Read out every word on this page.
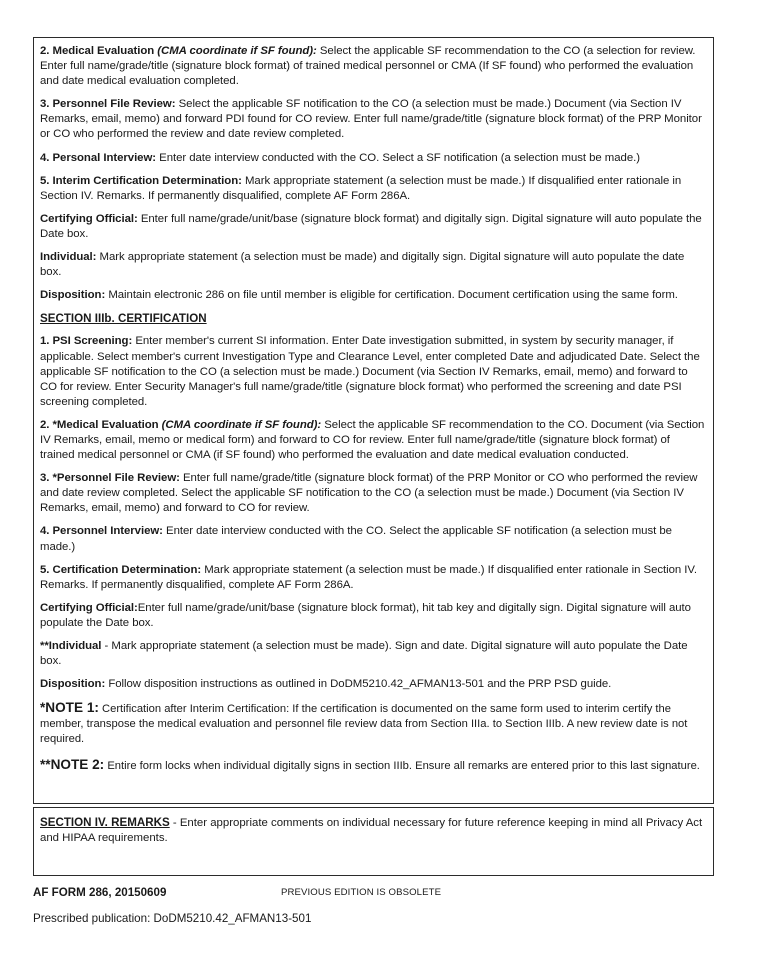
2. Medical Evaluation (CMA coordinate if SF found): Select the applicable SF recommendation to the CO (a selection for review. Enter full name/grade/title (signature block format) of trained medical personnel or CMA (If SF found) who performed the evaluation and date medical evaluation completed.

3. Personnel File Review: Select the applicable SF notification to the CO (a selection must be made.) Document (via Section IV Remarks, email, memo) and forward PDI found for CO review. Enter full name/grade/title (signature block format) of the PRP Monitor or CO who performed the review and date review completed.

4. Personal Interview: Enter date interview conducted with the CO. Select a SF notification (a selection must be made.)

5. Interim Certification Determination: Mark appropriate statement (a selection must be made.) If disqualified enter rationale in Section IV. Remarks. If permanently disqualified, complete AF Form 286A.

Certifying Official: Enter full name/grade/unit/base (signature block format) and digitally sign. Digital signature will auto populate the Date box.

Individual: Mark appropriate statement (a selection must be made) and digitally sign. Digital signature will auto populate the date box.

Disposition: Maintain electronic 286 on file until member is eligible for certification. Document certification using the same form.

SECTION IIIb. CERTIFICATION

1. PSI Screening: Enter member's current SI information. Enter Date investigation submitted, in system by security manager, if applicable. Select member's current Investigation Type and Clearance Level, enter completed Date and adjudicated Date. Select the applicable SF notification to the CO (a selection must be made.) Document (via Section IV Remarks, email, memo) and forward to CO for review. Enter Security Manager's full name/grade/title (signature block format) who performed the screening and date PSI screening completed.

2. *Medical Evaluation (CMA coordinate if SF found): Select the applicable SF recommendation to the CO. Document (via Section IV Remarks, email, memo or medical form) and forward to CO for review. Enter full name/grade/title (signature block format) of trained medical personnel or CMA (if SF found) who performed the evaluation and date medical evaluation conducted.

3. *Personnel File Review: Enter full name/grade/title (signature block format) of the PRP Monitor or CO who performed the review and date review completed. Select the applicable SF notification to the CO (a selection must be made.) Document (via Section IV Remarks, email, memo) and forward to CO for review.

4. Personnel Interview: Enter date interview conducted with the CO. Select the applicable SF notification (a selection must be made.)

5. Certification Determination: Mark appropriate statement (a selection must be made.) If disqualified enter rationale in Section IV. Remarks. If permanently disqualified, complete AF Form 286A.

Certifying Official:Enter full name/grade/unit/base (signature block format), hit tab key and digitally sign. Digital signature will auto populate the Date box.

**Individual - Mark appropriate statement (a selection must be made). Sign and date. Digital signature will auto populate the Date box.

Disposition: Follow disposition instructions as outlined in DoDM5210.42_AFMAN13-501 and the PRP PSD guide.

*NOTE 1: Certification after Interim Certification: If the certification is documented on the same form used to interim certify the member, transpose the medical evaluation and personnel file review data from Section IIIa. to Section IIIb. A new review date is not required.

**NOTE 2: Entire form locks when individual digitally signs in section IIIb. Ensure all remarks are entered prior to this last signature.

SECTION IV. REMARKS - Enter appropriate comments on individual necessary for future reference keeping in mind all Privacy Act and HIPAA requirements.

AF FORM 286, 20150609	PREVIOUS EDITION IS OBSOLETE
Prescribed publication: DoDM5210.42_AFMAN13-501
